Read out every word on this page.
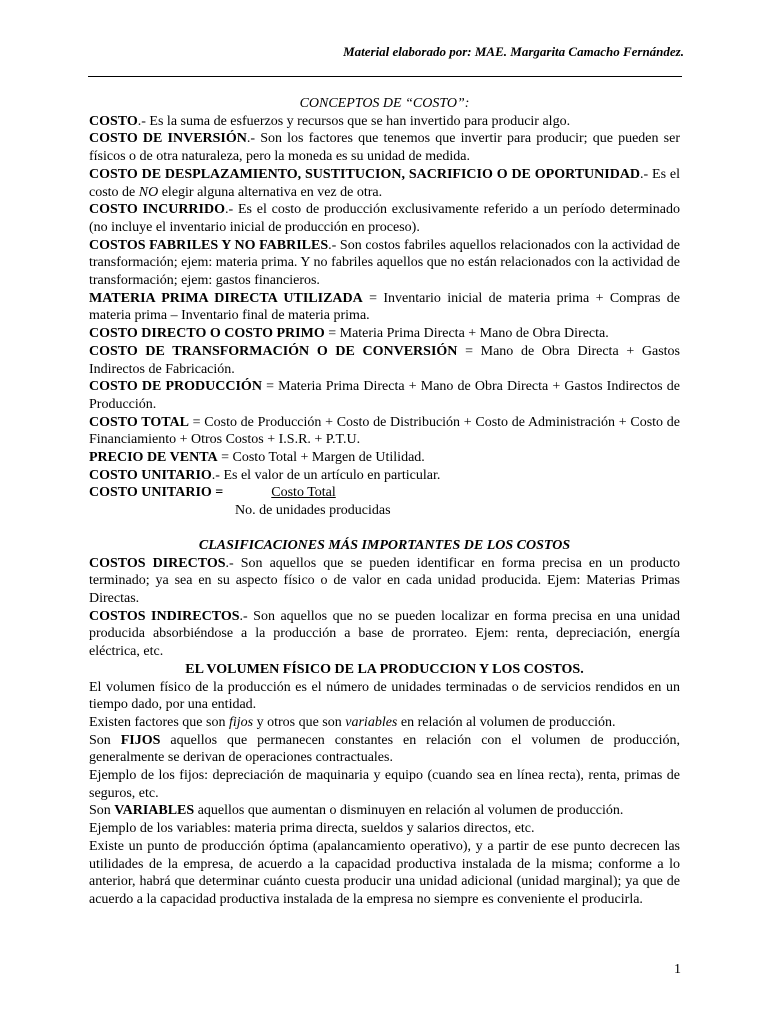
Material elaborado por: MAE. Margarita Camacho Fernández.

CONCEPTOS DE “COSTO”:

COSTO.- Es la suma de esfuerzos y recursos que se han invertido para producir algo.

COSTO DE INVERSIÓN.- Son los factores que tenemos que invertir para producir; que pueden ser físicos o de otra naturaleza, pero la moneda es su unidad de medida.

COSTO DE DESPLAZAMIENTO, SUSTITUCION, SACRIFICIO O DE OPORTUNIDAD.- Es el costo de NO elegir alguna alternativa en vez de otra.

COSTO INCURRIDO.- Es el costo de producción exclusivamente referido a un período determinado (no incluye el inventario inicial de producción en proceso).

COSTOS FABRILES Y NO FABRILES.- Son costos fabriles aquellos relacionados con la actividad de transformación; ejem: materia prima. Y no fabriles aquellos que no están relacionados con la actividad de transformación; ejem: gastos financieros.

MATERIA PRIMA DIRECTA UTILIZADA = Inventario inicial de materia prima + Compras de materia prima – Inventario final de materia prima.

COSTO DIRECTO O COSTO PRIMO = Materia Prima Directa + Mano de Obra Directa.

COSTO DE TRANSFORMACIÓN O DE CONVERSIÓN = Mano de Obra Directa + Gastos Indirectos de Fabricación.

COSTO DE PRODUCCIÓN = Materia Prima Directa + Mano de Obra Directa + Gastos Indirectos de Producción.

COSTO TOTAL = Costo de Producción + Costo de Distribución + Costo de Administración + Costo de Financiamiento + Otros Costos + I.S.R. + P.T.U.

PRECIO DE VENTA = Costo Total + Margen de Utilidad.

COSTO UNITARIO.- Es el valor de un artículo en particular.

COSTO UNITARIO =	Costo Total
No. de unidades producidas

CLASIFICACIONES MÁS IMPORTANTES DE LOS COSTOS

COSTOS DIRECTOS.- Son aquellos que se pueden identificar en forma precisa en un producto terminado; ya sea en su aspecto físico o de valor en cada unidad producida. Ejem: Materias Primas Directas.

COSTOS INDIRECTOS.- Son aquellos que no se pueden localizar en forma precisa en una unidad producida absorbiéndose a la producción a base de prorrateo. Ejem: renta, depreciación, energía eléctrica, etc.

EL VOLUMEN FÍSICO DE LA PRODUCCION Y LOS COSTOS.

El volumen físico de la producción es el número de unidades terminadas o de servicios rendidos en un tiempo dado, por una entidad.

Existen factores que son fijos y otros que son variables en relación al volumen de producción.

Son FIJOS aquellos que permanecen constantes en relación con el volumen de producción, generalmente se derivan de operaciones contractuales.

Ejemplo de los fijos: depreciación de maquinaria y equipo (cuando sea en línea recta), renta, primas de seguros, etc.

Son VARIABLES aquellos que aumentan o disminuyen en relación al volumen de producción.

Ejemplo de los variables: materia prima directa, sueldos y salarios directos, etc.

Existe un punto de producción óptima (apalancamiento operativo), y a partir de ese punto decrecen las utilidades de la empresa, de acuerdo a la capacidad productiva instalada de la misma; conforme a lo anterior, habrá que determinar cuánto cuesta producir una unidad adicional (unidad marginal); ya que de acuerdo a la capacidad productiva instalada de la empresa no siempre es conveniente el producirla.

1
